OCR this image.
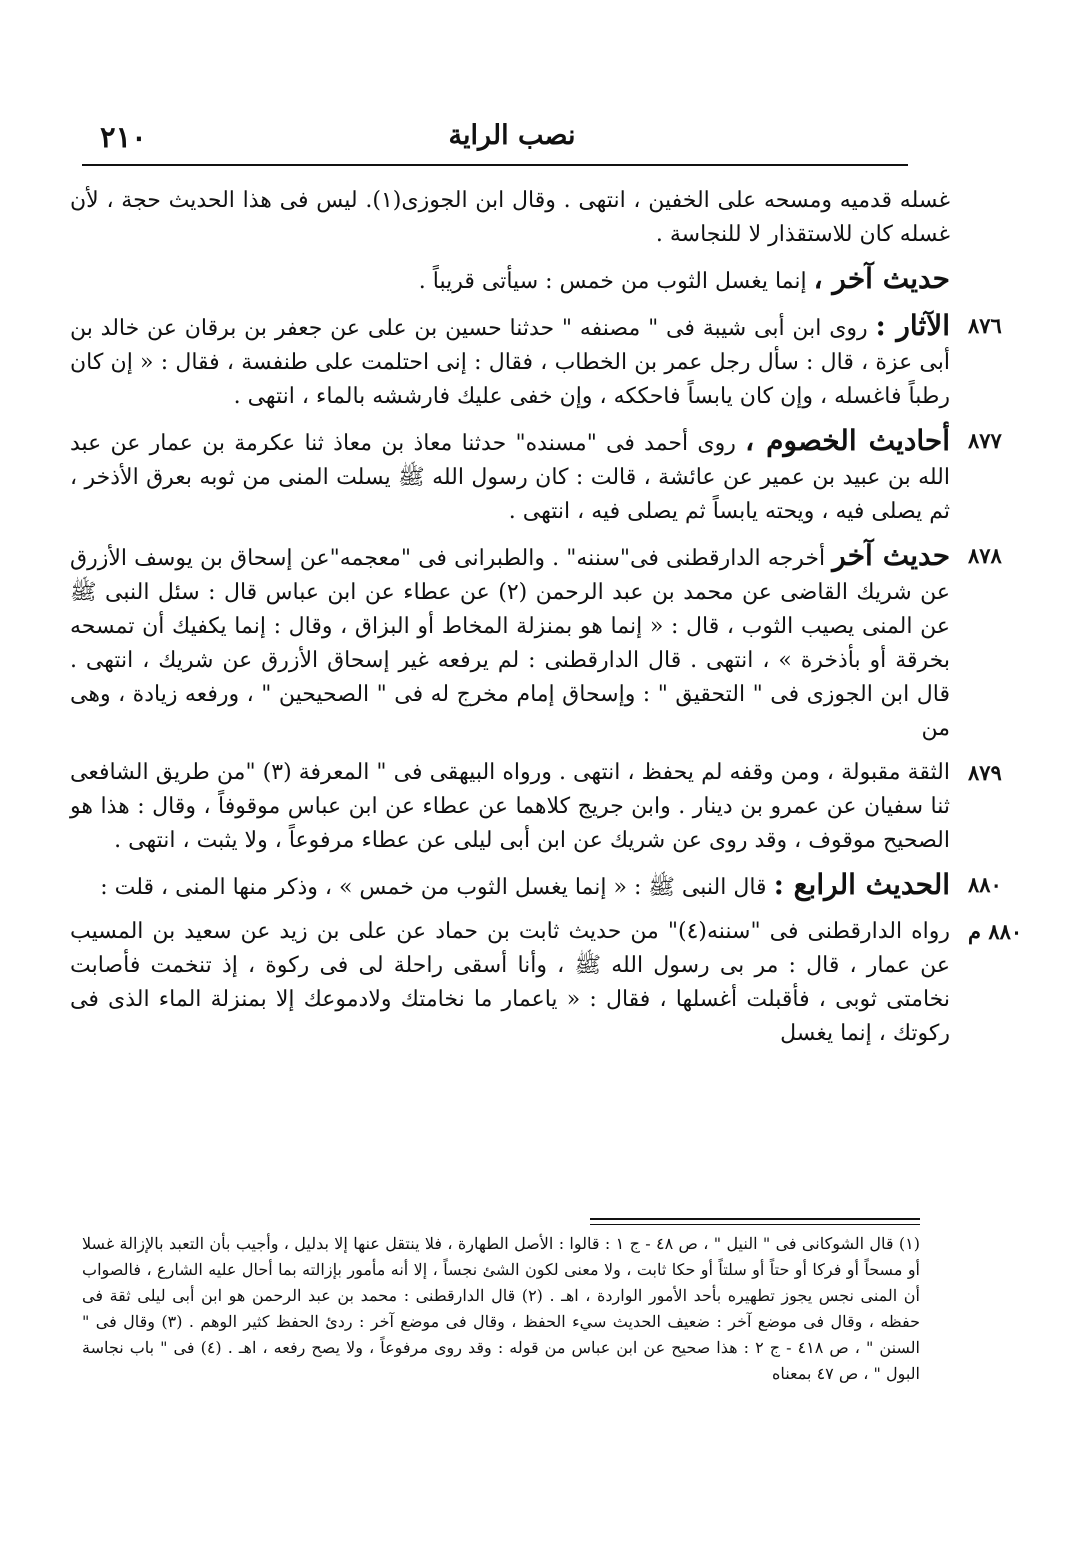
٢١٠	نصب الراية

غسله قدميه ومسحه على الخفين ، انتهى . وقال ابن الجوزى(١). ليس فى هذا الحديث حجة ، لأن غسله كان للاستقذار لا للنجاسة .

حديث آخر ، إنما يغسل الثوب من خمس : سيأتى قريباً .

٨٧٦
الآثار : روى ابن أبى شيبة فى " مصنفه " حدثنا حسين بن على عن جعفر بن برقان عن خالد بن أبى عزة ، قال : سأل رجل عمر بن الخطاب ، فقال : إنى احتلمت على طنفسة ، فقال : « إن كان رطباً فاغسله ، وإن كان يابساً فاحككه ، وإن خفى عليك فارششه بالماء ، انتهى .

٨٧٧
أحاديث الخصوم ، روى أحمد فى "مسنده" حدثنا معاذ بن معاذ ثنا عكرمة بن عمار عن عبد الله بن عبيد بن عمير عن عائشة ، قالت : كان رسول الله ﷺ يسلت المنى من ثوبه بعرق الأذخر ، ثم يصلى فيه ، ويحته يابساً ثم يصلى فيه ، انتهى .

٨٧٨
حديث آخر أخرجه الدارقطنى فى"سننه" . والطبرانى فى "معجمه"عن إسحاق بن يوسف الأزرق عن شريك القاضى عن محمد بن عبد الرحمن (٢) عن عطاء عن ابن عباس قال : سئل النبى ﷺ عن المنى يصيب الثوب ، قال : « إنما هو بمنزلة المخاط أو البزاق ، وقال : إنما يكفيك أن تمسحه بخرقة أو بأذخرة » ، انتهى . قال الدارقطنى : لم يرفعه غير إسحاق الأزرق عن شريك ، انتهى . قال ابن الجوزى فى " التحقيق " : وإسحاق إمام مخرج له فى " الصحيحين " ، ورفعه زيادة ، وهى من

٨٧٩
الثقة مقبولة ، ومن وقفه لم يحفظ ، انتهى . ورواه البيهقى فى " المعرفة (٣) "من طريق الشافعى ثنا سفيان عن عمرو بن دينار . وابن جريج كلاهما عن عطاء عن ابن عباس موقوفاً ، وقال : هذا هو الصحيح موقوف ، وقد روى عن شريك عن ابن أبى ليلى عن عطاء مرفوعاً ، ولا يثبت ، انتهى .

٨٨٠
الحديث الرابع : قال النبى ﷺ : « إنما يغسل الثوب من خمس » ، وذكر منها المنى ، قلت :

٨٨٠ م
رواه الدارقطنى فى "سننه(٤)" من حديث ثابت بن حماد عن على بن زيد عن سعيد بن المسيب عن عمار ، قال : مر بى رسول الله ﷺ ، وأنا أسقى راحلة لى فى ركوة ، إذ تنخمت فأصابت نخامتى ثوبى ، فأقبلت أغسلها ، فقال : « ياعمار ما نخامتك ولادموعك إلا بمنزلة الماء الذى فى ركوتك ، إنما يغسل

(١) قال الشوكانى فى " النيل " ، ص ٤٨ - ج ١ : قالوا : الأصل الطهارة ، فلا ينتقل عنها إلا بدليل ، وأجيب بأن التعبد بالإزالة غسلا أو مسحاً أو فركا أو حتاً أو سلتاً أو حكا ثابت ، ولا معنى لكون الشئ نجساً ، إلا أنه مأمور بإزالته بما أحال عليه الشارع ، فالصواب أن المنى نجس يجوز تطهيره بأحد الأمور الواردة ، اهـ . (٢) قال الدارقطنى : محمد بن عبد الرحمن هو ابن أبى ليلى ثقة فى حفظه ، وقال فى موضع آخر : ضعيف الحديث سيء الحفظ ، وقال فى موضع آخر : ردئ الحفظ كثير الوهم . (٣) وقال فى " السنن " ، ص ٤١٨ - ج ٢ : هذا صحيح عن ابن عباس من قوله : وقد روى مرفوعاً ، ولا يصح رفعه ، اهـ . (٤) فى " باب نجاسة البول " ، ص ٤٧ بمعناه
